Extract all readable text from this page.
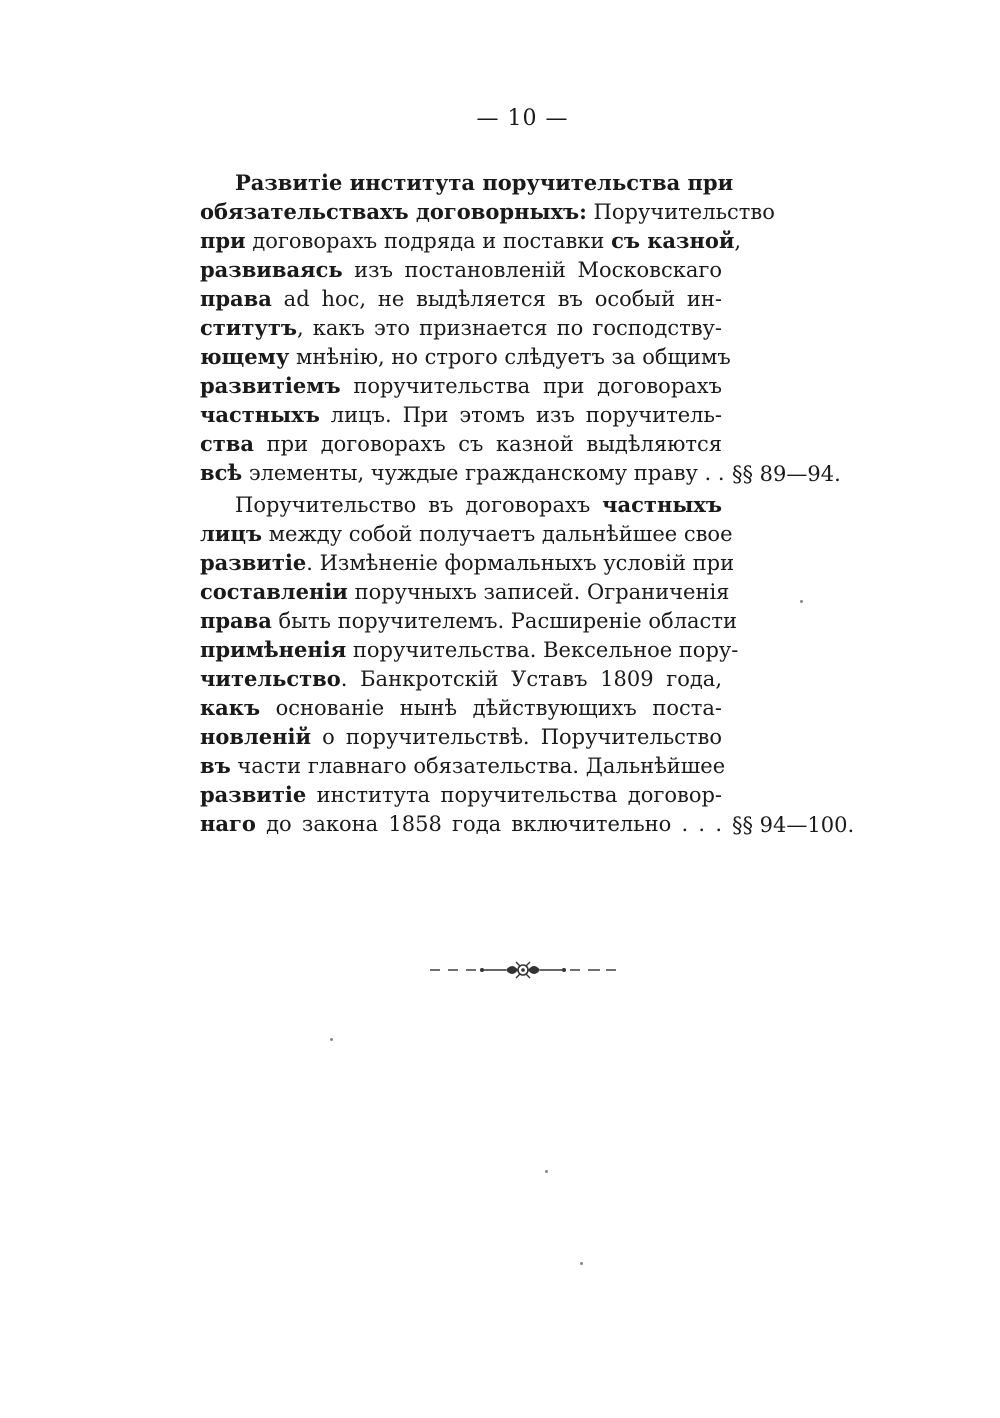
— 10 —
Развитіе института поручительства при
обязательствахъ договорныхъ: Поручительство
при договорахъ подряда и поставки съ казной,
развиваясь изъ постановленій Московскаго
права ad hoc, не выдѣляется въ особый ин-
ститутъ, какъ это признается по господству-
ющему мнѣнію, но строго слѣдуетъ за общимъ
развитіемъ поручительства при договорахъ
частныхъ лицъ. При этомъ изъ поручитель-
ства при договорахъ съ казной выдѣляются
всѣ элементы, чуждые гражданскому праву . . §§ 89—94.
Поручительство въ договорахъ частныхъ
лицъ между собой получаетъ дальнѣйшее свое
развитіе. Измѣненіе формальныхъ условій при
составленіи поручныхъ записей. Ограниченія
права быть поручителемъ. Расширеніе области
примѣненія поручительства. Вексельное пору-
чительство. Банкротскій Уставъ 1809 года,
какъ основаніе нынѣ дѣйствующихъ поста-
новленій о поручительствѣ. Поручительство
въ части главнаго обязательства. Дальнѣйшее
развитіе института поручительства договор-
наго до закона 1858 года включительно . . . §§ 94—100.
